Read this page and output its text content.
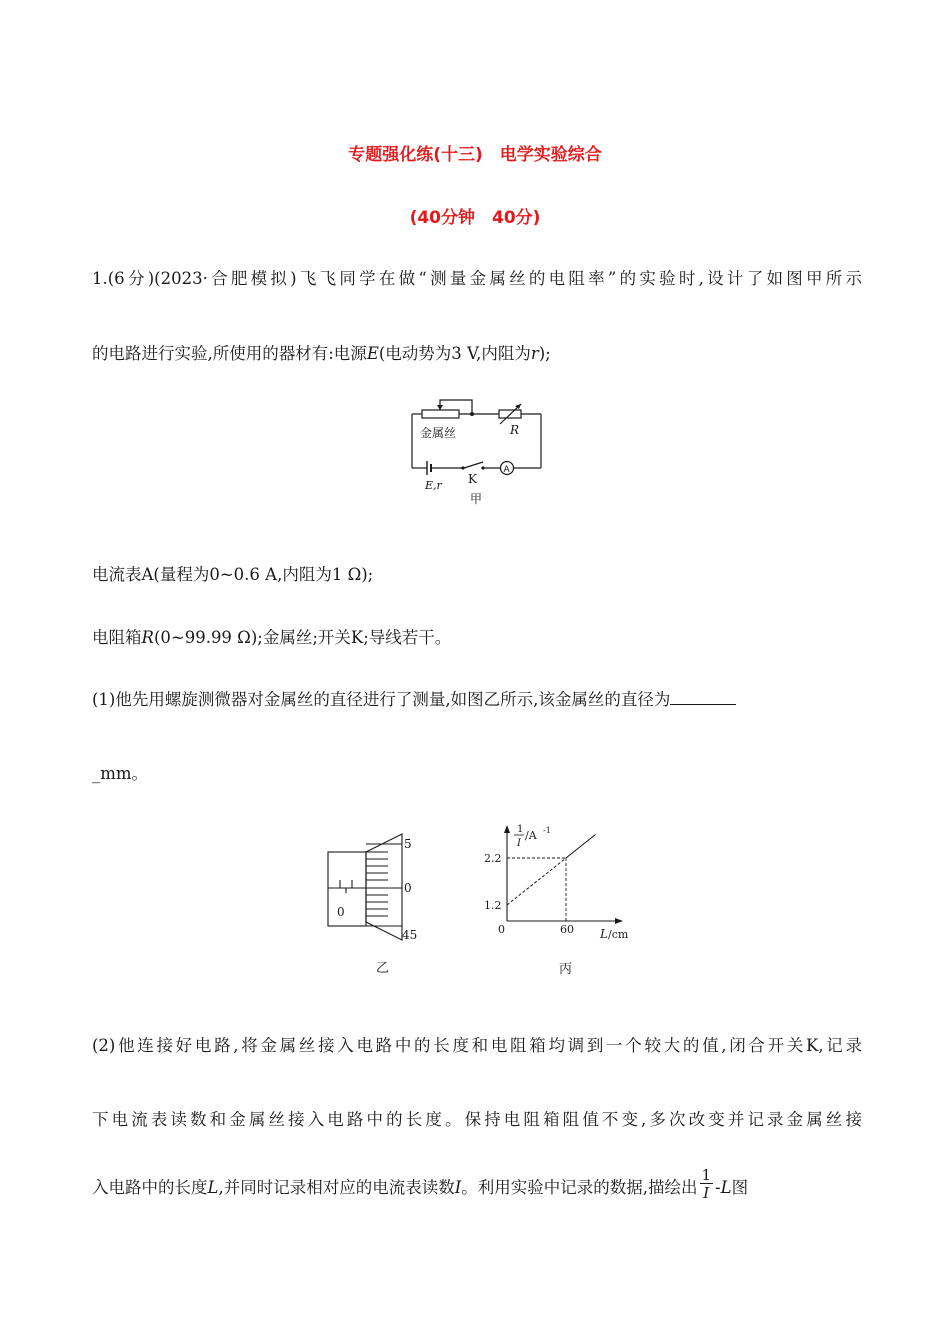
专题强化练(十三)　电学实验综合
(40分钟　40分)
1.(6分)(2023·合肥模拟)飞飞同学在做“测量金属丝的电阻率”的实验时,设计了如图甲所示
的电路进行实验,所使用的器材有:电源E(电动势为3 V,内阻为r);
金属丝	R
E,r K
A
甲
电流表A(量程为0~0.6 A,内阻为1 Ω);
电阻箱R(0~99.99 Ω);金属丝;开关K;导线若干。
(1)他先用螺旋测微器对金属丝的直径进行了测量,如图乙所示,该金属丝的直径为
_mm。
5
0
45
0
乙
1
I
/A -1
2.2
1.2
0	60 L /cm
丙
(2)他连接好电路,将金属丝接入电路中的长度和电阻箱均调到一个较大的值,闭合开关K,记录
下电流表读数和金属丝接入电路中的长度。保持电阻箱阻值不变,多次改变并记录金属丝接
入电路中的长度L,并同时记录相对应的电流表读数I。利用实验中记录的数据,描绘出 $\frac{1}{I} -L$图
